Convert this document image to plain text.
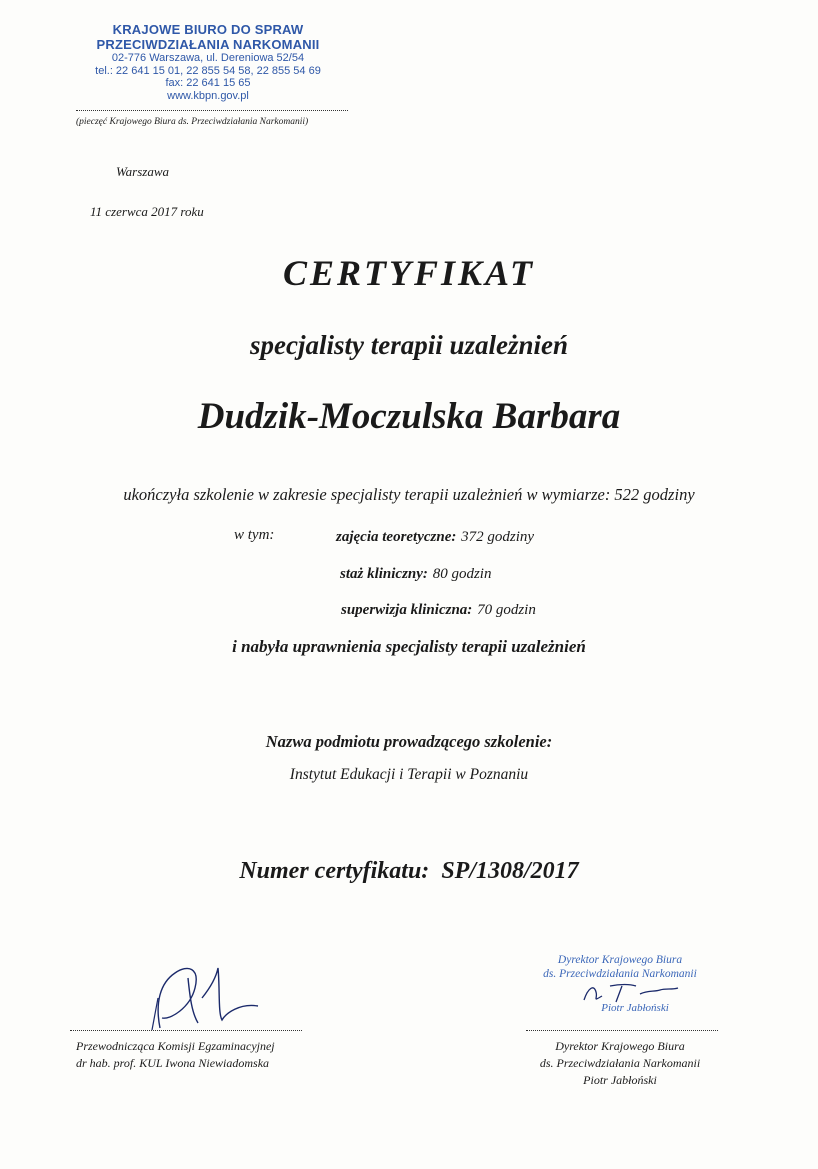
KRAJOWE BIURO DO SPRAW
PRZECIWDZIAŁANIA NARKOMANII
02-776 Warszawa, ul. Dereniowa 52/54
tel.: 22 641 15 01, 22 855 54 58, 22 855 54 69
fax: 22 641 15 65
www.kbpn.gov.pl
(pieczęć Krajowego Biura ds. Przeciwdziałania Narkomanii)
Warszawa
11 czerwca 2017 roku
CERTYFIKAT
specjalisty terapii uzależnień
Dudzik-Moczulska Barbara
ukończyła szkolenie w zakresie specjalisty terapii uzależnień w wymiarze: 522 godziny
w tym:	zajęcia teoretyczne: 372 godziny
staż kliniczny: 80 godzin
superwizja kliniczna: 70 godzin
i nabyła uprawnienia specjalisty terapii uzależnień
Nazwa podmiotu prowadzącego szkolenie:
Instytut Edukacji i Terapii w Poznaniu
Numer certyfikatu: SP/1308/2017
Przewodnicząca Komisji Egzaminacyjnej
dr hab. prof. KUL Iwona Niewiadomska
Dyrektor Krajowego Biura
ds. Przeciwdziałania Narkomanii
Piotr Jabłoński
Dyrektor Krajowego Biura
ds. Przeciwdziałania Narkomanii
Piotr Jabłoński
